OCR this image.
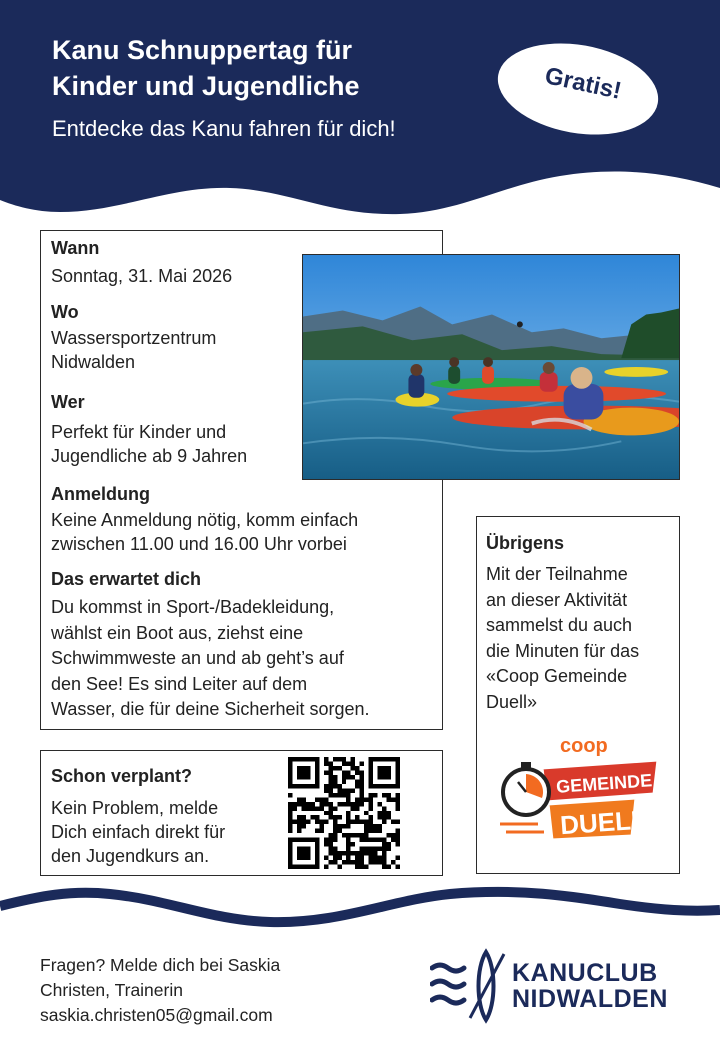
Kanu Schnuppertag für
Kinder und Jugendliche
Entdecke das Kanu fahren für dich!
Gratis!
Wann
Sonntag, 31. Mai 2026
Wo
Wassersportzentrum
Nidwalden
Wer
Perfekt für Kinder und
Jugendliche ab 9 Jahren
Anmeldung
Keine Anmeldung nötig, komm einfach
zwischen 11.00 und 16.00 Uhr vorbei
Das erwartet dich
Du kommst in Sport-/Badekleidung,
wählst ein Boot aus, ziehst eine
Schwimmweste an und ab geht’s auf
den See! Es sind Leiter auf dem
Wasser, die für deine Sicherheit sorgen.
Schon verplant?
Kein Problem, melde
Dich einfach direkt für
den Jugendkurs an.
Übrigens
Mit der Teilnahme
an dieser Aktivität
sammelst du auch
die Minuten für das
«Coop Gemeinde
Duell»
coop
GEMEINDE
DUELL
Fragen? Melde dich bei Saskia
Christen, Trainerin
saskia.christen05@gmail.com
KANUCLUB
NIDWALDEN
